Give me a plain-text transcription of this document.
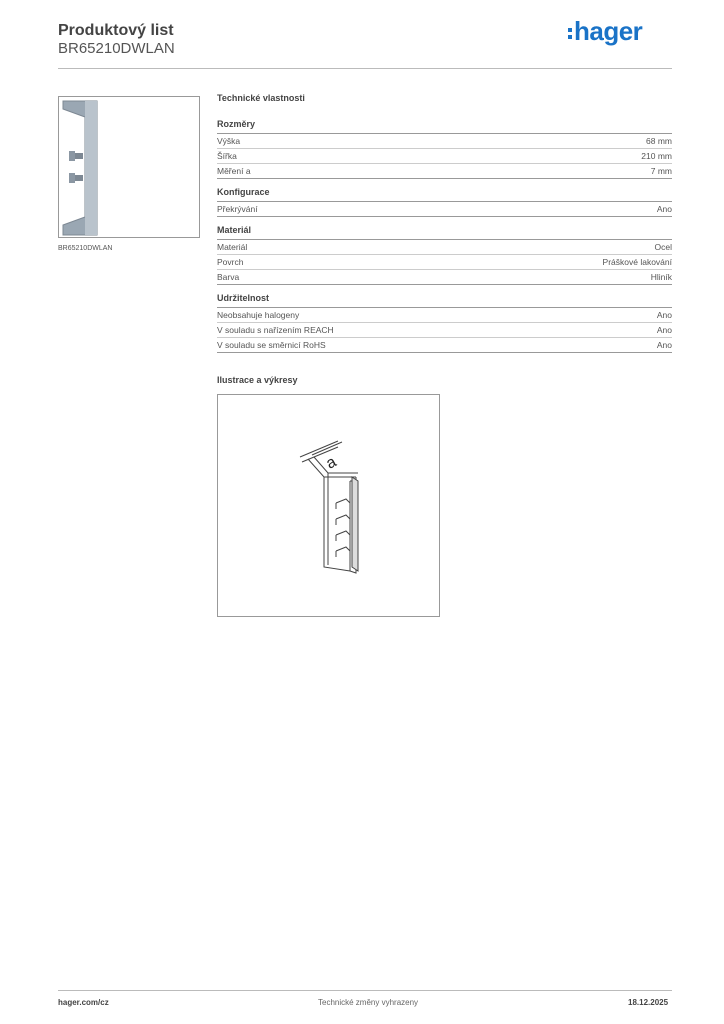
Produktový list
BR65210DWLAN
hager
BR65210DWLAN
Technické vlastnosti
Rozměry
Výška	68 mm
Šířka	210 mm
Měření a	7 mm
Konfigurace
Překrývání	Ano
Materiál
Materiál	Ocel
Povrch	Práškové lakování
Barva	Hliník
Udržitelnost
Neobsahuje halogeny	Ano
V souladu s nařízením REACH	Ano
V souladu se směrnicí RoHS	Ano
Ilustrace a výkresy
a
hager.com/cz	Technické změny vyhrazeny	18.12.2025
